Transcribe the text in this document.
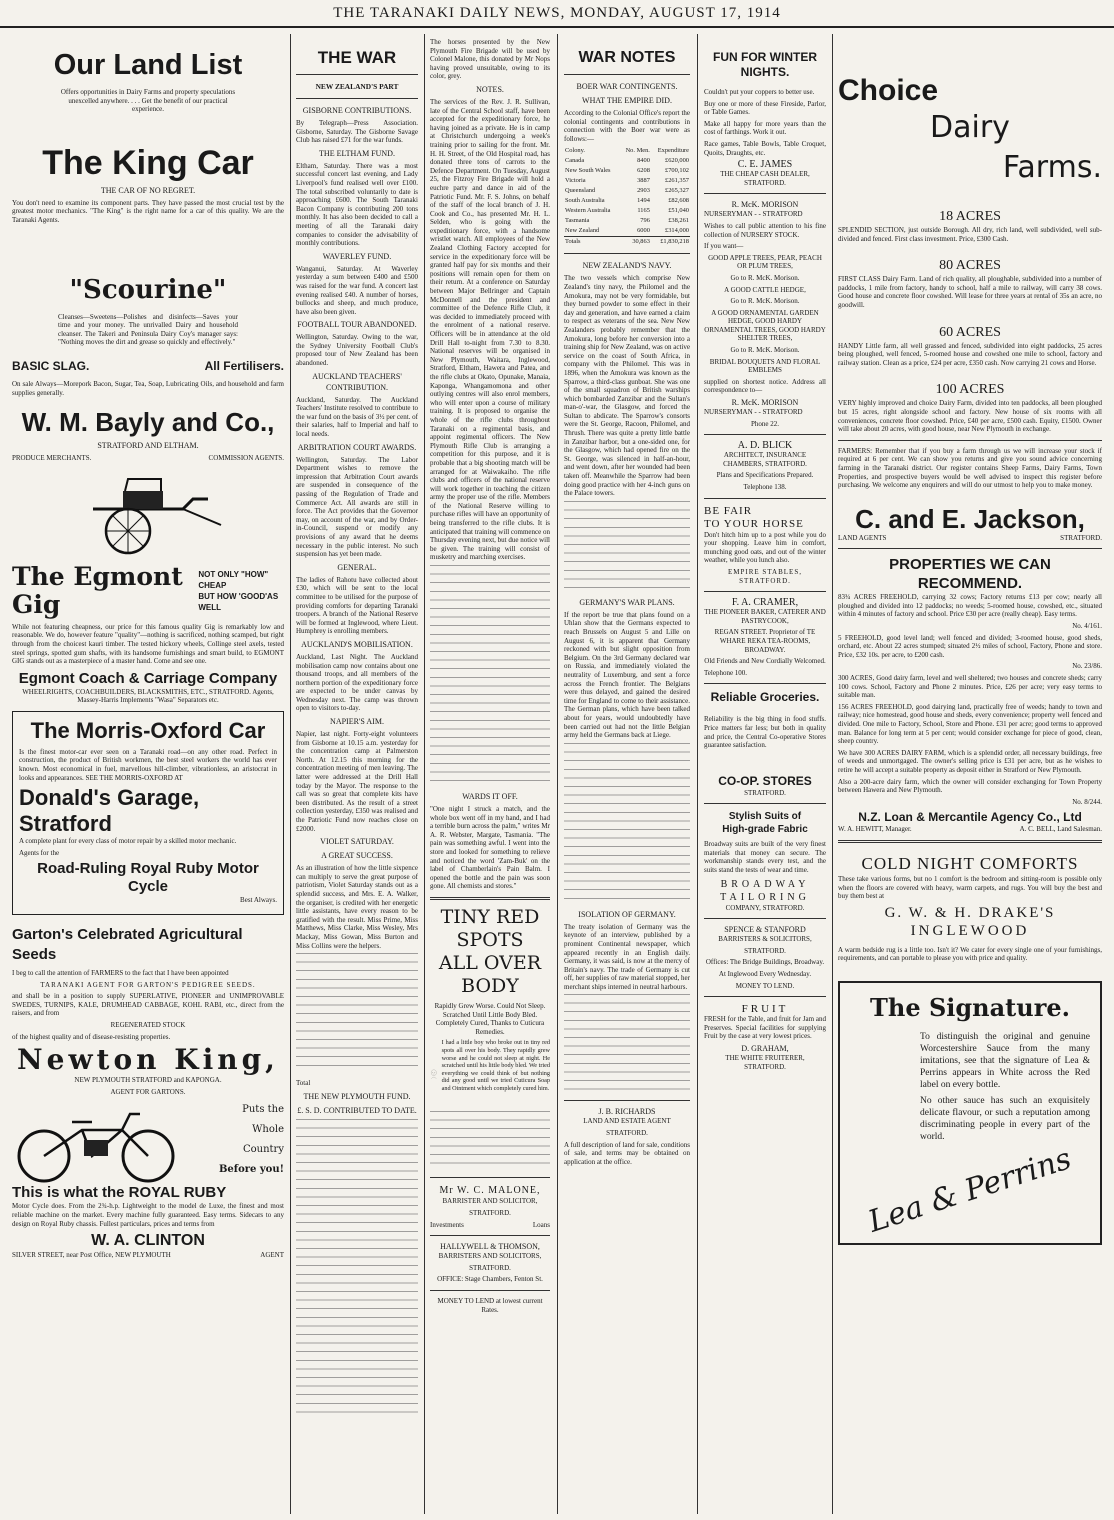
THE TARANAKI DAILY NEWS, MONDAY, AUGUST 17, 1914
Our Land List

Offers opportunities in Dairy Farms and property speculations unexcelled anywhere. . . . Get the benefit of our practical experience.

The King Car
THE CAR OF NO REGRET.

You don't need to examine its component parts. They have passed the most crucial test by the greatest motor mechanics. "The King" is the right name for a car of this quality. We are the Taranaki Agents.

"Scourine"

Cleanses—Sweetens—Polishes and disinfects—Saves your time and your money. The unrivalled Dairy and household cleanser. The Takeri and Peninsula Dairy Coy's manager says: "Nothing moves the dirt and grease so quickly and effectively."

BASIC SLAG.	All Fertilisers.

On sale Always—Morepork Bacon, Sugar, Tea, Soap, Lubricating Oils, and household and farm supplies generally.

W. M. Bayly and Co.,
STRATFORD AND ELTHAM.
PRODUCE MERCHANTS.	COMMISSION AGENTS.
The Egmont Gig
NOT ONLY "HOW" CHEAP
BUT HOW 'GOOD'AS WELL

While not featuring cheapness, our price for this famous quality Gig is remarkably low and reasonable. We do, however feature "quality"—nothing is sacrificed, nothing scamped, but right through from the choicest kauri timber. The tested hickory wheels, Collinge steel axels, tested steel springs, spotted gum shafts, with its handsome furnishings and smart build, to EGMONT GIG stands out as a masterpiece of a master hand. Come and see one.

Egmont Coach & Carriage Company

WHEELRIGHTS, COACHBUILDERS, BLACKSMITHS, ETC., STRATFORD. Agents, Massey-Harris Implements "Wasa" Separators etc.

The Morris-Oxford Car

Is the finest motor-car ever seen on a Taranaki road—on any other road. Perfect in construction, the product of British workmen, the best steel workers the world has ever known. Most economical in fuel, marvellous hill-climber, vibrationless, an aristocrat in looks and appearances. SEE THE MORRIS-OXFORD AT

Donald's Garage, Stratford

A complete plant for every class of motor repair by a skilled motor mechanic.

Agents for the

Road-Ruling Royal Ruby Motor Cycle

Best Always.

Garton's Celebrated Agricultural Seeds

I beg to call the attention of FARMERS to the fact that I have been appointed

TARANAKI AGENT FOR GARTON'S PEDIGREE SEEDS.

and shall be in a position to supply SUPERLATIVE, PIONEER and UNIMPROVABLE SWEDES, TURNIPS, KALE, DRUMHEAD CABBAGE, KOHL RABI, etc., direct from the raisers, and from

REGENERATED STOCK

of the highest quality and of disease-resisting properties.

Newton King,

NEW PLYMOUTH STRATFORD and KAPONGA.

AGENT FOR GARTONS.

Puts the
Whole
Country
Before you!
This is what the ROYAL RUBY

Motor Cycle does. From the 2¾-h.p. Lightweight to the model de Luxe, the finest and most reliable machine on the market. Every machine fully guaranteed. Easy terms. Sidecars to any design on Royal Ruby chassis. Fullest particulars, prices and terms from

W. A. CLINTON
SILVER STREET, near Post Office, NEW PLYMOUTH	AGENT
THE WAR
NEW ZEALAND'S PART
GISBORNE CONTRIBUTIONS.

By Telegraph—Press Association. Gisborne, Saturday. The Gisborne Savage Club has raised £71 for the war funds.

THE ELTHAM FUND.

Eltham, Saturday. There was a most successful concert last evening, and Lady Liverpool's fund realised well over £100. The total subscribed voluntarily to date is approaching £600. The South Taranaki Bacon Company is contributing 200 tons monthly. It has also been decided to call a meeting of all the Taranaki dairy companies to consider the advisability of monthly contributions.

WAVERLEY FUND.

Wanganui, Saturday. At Waverley yesterday a sum between £400 and £500 was raised for the war fund. A concert last evening realised £40. A number of horses, bullocks and sheep, and much produce, have also been given.

FOOTBALL TOUR ABANDONED.

Wellington, Saturday. Owing to the war, the Sydney University Football Club's proposed tour of New Zealand has been abandoned.

AUCKLAND TEACHERS' CONTRIBUTION.

Auckland, Saturday. The Auckland Teachers' Institute resolved to contribute to the war fund on the basis of 3½ per cent. of their salaries, half to Imperial and half to local needs.

ARBITRATION COURT AWARDS.

Wellington, Saturday. The Labor Department wishes to remove the impression that Arbitration Court awards are suspended in consequence of the passing of the Regulation of Trade and Commerce Act. All awards are still in force. The Act provides that the Governor may, on account of the war, and by Order-in-Council, suspend or modify any provisions of any award that he deems necessary in the public interest. No such suspension has yet been made.

GENERAL.

The ladies of Rahotu have collected about £30, which will be sent to the local committee to be utilised for the purpose of providing comforts for departing Taranaki troopers. A branch of the National Reserve will be formed at Inglewood, where Lieut. Humphrey is enrolling members.

AUCKLAND'S MOBILISATION.

Auckland, Last Night. The Auckland mobilisation camp now contains about one thousand troops, and all members of the northern portion of the expeditionary force are expected to be under canvas by Wednesday next. The camp was thrown open to visitors to-day.

NAPIER'S AIM.

Napier, last night. Forty-eight volunteers from Gisborne at 10.15 a.m. yesterday for the concentration camp at Palmerston North. At 12.15 this morning for the concentration meeting of men leaving. The latter were addressed at the Drill Hall today by the Mayor. The response to the call was so great that complete kits have been distributed. As the result of a street collection yesterday, £350 was realised and the Patriotic Fund now reaches close on £2000.

VIOLET SATURDAY.
A GREAT SUCCESS.

As an illustration of how the little sixpence can multiply to serve the great purpose of patriotism, Violet Saturday stands out as a splendid success, and Mrs. E. A. Walker, the organiser, is credited with her energetic little assistants, have every reason to be gratified with the result. Miss Prime, Miss Matthews, Miss Clarke, Miss Wesley, Mrs Mackay, Miss Gowan, Miss Burton and Miss Collins were the helpers.

Total

THE NEW PLYMOUTH FUND.
£. S. D. CONTRIBUTED TO DATE.

The horses presented by the New Plymouth Fire Brigade will be used by Colonel Malone, this donated by Mr Nops having proved unsuitable, owing to its color, grey.

NOTES.

The services of the Rev. J. R. Sullivan, late of the Central School staff, have been accepted for the expeditionary force, he having joined as a private. He is in camp at Christchurch undergoing a week's training prior to sailing for the front. Mr. H. H. Street, of the Old Hospital road, has donated three tons of carrots to the Defence Department. On Tuesday, August 25, the Fitzroy Fire Brigade will hold a euchre party and dance in aid of the Patriotic Fund. Mr. F. S. Johns, on behalf of the staff of the local branch of J. H. Cook and Co., has presented Mr. H. L. Selden, who is going with the expeditionary force, with a handsome wristlet watch. All employees of the New Zealand Clothing Factory accepted for service in the expeditionary force will be granted half pay for six months and their positions will remain open for them on their return. At a conference on Saturday between Major Bellringer and Captain McDonnell and the president and committee of the Defence Rifle Club, it was decided to immediately proceed with the enrolment of a national reserve. Officers will be in attendance at the old Drill Hall to-night from 7.30 to 8.30. National reserves will be organised in New Plymouth, Waitara, Inglewood, Stratford, Eltham, Hawera and Patea, and the rifle clubs at Okato, Opunake, Manaia, Kaponga, Whangamomona and other outlying centres will also enrol members, who will enter upon a course of military training. It is proposed to organise the whole of the rifle clubs throughout Taranaki on a regimental basis, and appoint regimental officers. The New Plymouth Rifle Club is arranging a competition for this purpose, and it is probable that a big shooting match will be arranged for at Waiwakaiho. The rifle clubs and officers of the national reserve will work together in teaching the citizen army the proper use of the rifle. Members of the National Reserve willing to purchase rifles will have an opportunity of being transferred to the rifle clubs. It is anticipated that training will commence on Thursday evening next, but due notice will be given. The training will consist of musketry and marching exercises.

WARDS IT OFF.

"One night I struck a match, and the whole box went off in my hand, and I had a terrible burn across the palm," writes Mr A. R. Webster, Margate, Tasmania. "The pain was something awful. I went into the store and looked for something to relieve and noticed the word 'Zam-Buk' on the label of Chamberlain's Pain Balm. I opened the bottle and the pain was soon gone. All chemists and stores."

TINY RED SPOTS
ALL OVER BODY

Rapidly Grew Worse. Could Not Sleep. Scratched Until Little Body Bled. Completely Cured, Thanks to Cuticura Remedies.

I had a little boy who broke out in tiny red spots all over his body. They rapidly grew worse and he could not sleep at night. He scratched until his little body bled. We tried everything we could think of but nothing did any good until we tried Cuticura Soap and Ointment which completely cured him.

Mr W. C. MALONE,

BARRISTER AND SOLICITOR,

STRATFORD.

Investments	Loans
HALLYWELL & THOMSON,

BARRISTERS AND SOLICITORS,

STRATFORD.

OFFICE: Stage Chambers, Fenton St.

MONEY TO LEND at lowest current Rates.

WAR NOTES
BOER WAR CONTINGENTS.
WHAT THE EMPIRE DID.

According to the Colonial Office's report the colonial contingents and contributions in connection with the Boer war were as follows:—

Colony.	No. Men.	Expenditure
Canada	8400	£620,000
New South Wales	6208	£700,102
Victoria	3887	£261,357
Queensland	2903	£265,327
South Australia	1494	£82,608
Western Australia	1165	£51,040
Tasmania	796	£38,261
New Zealand	6000	£314,000
Totals	30,863	£1,830,218
NEW ZEALAND'S NAVY.

The two vessels which comprise New Zealand's tiny navy, the Philomel and the Amokura, may not be very formidable, but they burned powder to some effect in their day and generation, and have earned a claim to respect as veterans of the sea. New New Zealanders probably remember that the Amokura, long before her conversion into a training ship for New Zealand, was on active service on the coast of South Africa, in company with the Philomel. This was in 1896, when the Amokura was known as the Sparrow, a third-class gunboat. She was one of the small squadron of British warships which bombarded Zanzibar and the Sultan's man-o'-war, the Glasgow, and forced the Sultan to abdicate. The Sparrow's consorts were the St. George, Racoon, Philomel, and Thrush. There was quite a pretty little battle in Zanzibar harbor, but a one-sided one, for the Glasgow, which had opened fire on the St. George, was silenced in half-an-hour, and went down, after her wounded had been taken off. Meanwhile the Sparrow had been doing good practice with her 4-inch guns on the Palace towers.

GERMANY'S WAR PLANS.

If the report be true that plans found on a Uhlan show that the Germans expected to reach Brussels on August 5 and Lille on August 6, it is apparent that Germany reckoned with but slight opposition from Belgium. On the 3rd Germany declared war on Russia, and immediately violated the neutrality of Luxemburg, and sent a force across the French frontier. The Belgians were thus delayed, and gained the desired time for England to come to their assistance. The German plans, which have been talked about for years, would undoubtedly have been carried out had not the little Belgian army held the Germans back at Liege.

ISOLATION OF GERMANY.

The treaty isolation of Germany was the keynote of an interview, published by a prominent Continental newspaper, which appeared recently in an English daily. Germany, it was said, is now at the mercy of Britain's navy. The trade of Germany is cut off, her supplies of raw material stopped, her merchant ships interned in neutral harbours.

J. B. RICHARDS

LAND AND ESTATE AGENT

STRATFORD.

A full description of land for sale, conditions of sale, and terms may be obtained on application at the office.

FUN FOR WINTER NIGHTS.

Couldn't put your coppers to better use.

Buy one or more of these Fireside, Parlor, or Table Games.

Make all happy for more years than the cost of farthings. Work it out.

Race games, Table Bowls, Table Croquet, Quoits, Draughts, etc.

C. E. JAMES

THE CHEAP CASH DEALER, STRATFORD.

R. McK. MORISON

NURSERYMAN - - STRATFORD

Wishes to call public attention to his fine collection of NURSERY STOCK.

If you want—

GOOD APPLE TREES, PEAR, PEACH OR PLUM TREES,

Go to R. McK. Morison.

A GOOD CATTLE HEDGE,

Go to R. McK. Morison.

A GOOD ORNAMENTAL GARDEN HEDGE, GOOD HARDY ORNAMENTAL TREES, GOOD HARDY SHELTER TREES,

Go to R. McK. Morison.

BRIDAL BOUQUETS AND FLORAL EMBLEMS

supplied on shortest notice. Address all correspondence to—

R. McK. MORISON

NURSERYMAN - - STRATFORD

Phone 22.

A. D. BLICK

ARCHITECT, INSURANCE CHAMBERS, STRATFORD.

Plans and Specifications Prepared.

Telephone 138.

BE FAIR
TO YOUR HORSE

Don't hitch him up to a post while you do your shopping. Leave him in comfort, munching good oats, and out of the winter weather, while you lunch also.

EMPIRE STABLES, STRATFORD.

F. A. CRAMER,

THE PIONEER BAKER, CATERER AND PASTRYCOOK,

REGAN STREET. Proprietor of TE WHARE REKA TEA-ROOMS, BROADWAY.

Old Friends and New Cordially Welcomed.

Telephone 100.

Reliable Groceries.

Reliability is the big thing in food stuffs. Price matters far less; but both in quality and price, the Central Co-operative Stores guarantee satisfaction.

CO-OP. STORES

STRATFORD.

Stylish Suits of
High-grade Fabric

Broadway suits are built of the very finest materials that money can secure. The workmanship stands every test, and the suits stand the tests of wear and time.

BROADWAY
TAILORING

COMPANY, STRATFORD.

SPENCE & STANFORD

BARRISTERS & SOLICITORS,

STRATFORD.

Offices: The Bridge Buildings, Broadway.

At Inglewood Every Wednesday.

MONEY TO LEND.

FRUIT

FRESH for the Table, and fruit for Jam and Preserves. Special facilities for supplying Fruit by the case at very lowest prices.

D. GRAHAM,

THE WHITE FRUITERER, STRATFORD.

Choice
Dairy
Farms.
18 ACRES

SPLENDID SECTION, just outside Borough. All dry, rich land, well subdivided, well sub-divided and fenced. First class investment. Price, £300 Cash.

80 ACRES

FIRST CLASS Dairy Farm. Land of rich quality, all ploughable, subdivided into a number of paddocks, 1 mile from factory, handy to school, half a mile to railway, will carry 38 cows. Good house and concrete floor cowshed. Will lease for three years at rental of 35s an acre, no goodwill.

60 ACRES

HANDY Little farm, all well grassed and fenced, subdivided into eight paddocks, 25 acres being ploughed, well fenced, 5-roomed house and cowshed one mile to school, factory and railway station. Clean as a price, £24 per acre, £350 cash. Now carrying 21 cows and Horse.

100 ACRES

VERY highly improved and choice Dairy Farm, divided into ten paddocks, all been ploughed but 15 acres, right alongside school and factory. New house of six rooms with all conveniences, concrete floor cowshed. Price, £40 per acre, £500 cash. Equity, £1500. Owner will take about 20 acres, with good house, near New Plymouth in exchange.

FARMERS: Remember that if you buy a farm through us we will increase your stock if required at 6 per cent. We can show you returns and give you sound advice concerning farming in the Taranaki district. Our register contains Sheep Farms, Dairy Farms, Town Properties, and prospective buyers would be well advised to inspect this register before purchasing. We welcome any enquirers and will do our utmost to help you to make money.

C. and E. Jackson,
LAND AGENTS	STRATFORD.
PROPERTIES WE CAN RECOMMEND.

83¾ ACRES FREEHOLD, carrying 32 cows; Factory returns £13 per cow; nearly all ploughed and divided into 12 paddocks; no weeds; 5-roomed house, cowshed, etc., situated within 4 minutes of factory and school. Price £30 per acre (really cheap). Easy terms.

No. 4/161.

5 FREEHOLD, good level land; well fenced and divided; 3-roomed house, good sheds, orchard, etc. About 22 acres stumped; situated 2½ miles of school, Factory, Phone and store. Price, £32 10s. per acre, to £200 cash.

No. 23/86.

300 ACRES, Good dairy farm, level and well sheltered; two houses and concrete sheds; carry 100 cows. School, Factory and Phone 2 minutes. Price, £26 per acre; very easy terms to suitable man.

156 ACRES FREEHOLD, good dairying land, practically free of weeds; handy to town and railway; nice homestead, good house and sheds, every convenience; property well fenced and divided. One mile to Factory, School, Store and Phone. £31 per acre; good terms to approved man. Balance for long term at 5 per cent; would consider exchange for piece of good, clean, sheep country.

We have 300 ACRES DAIRY FARM, which is a splendid order, all necessary buildings, free of weeds and unmortgaged. The owner's selling price is £31 per acre, but as he wishes to retire he will accept a suitable property as deposit either in Stratford or New Plymouth.

Also a 200-acre dairy farm, which the owner will consider exchanging for Town Property between Hawera and New Plymouth.

No. 8/244.

N.Z. Loan & Mercantile Agency Co., Ltd
W. A. HEWITT, Manager.	A. C. BELL, Land Salesman.
COLD NIGHT COMFORTS

These take various forms, but no 1 comfort is the bedroom and sitting-room is possible only when the floors are covered with heavy, warm carpets, and rugs. You will buy the best and buy them best at

G. W. & H. DRAKE'S
INGLEWOOD

A warm bedside rug is a little too. Isn't it? We cater for every single one of your furnishings, requirements, and can portable to please you with price and quality.

The Signature.

To distinguish the original and genuine Worcestershire Sauce from the many imitations, see that the signature of Lea & Perrins appears in White across the Red label on every bottle.

No other sauce has such an exquisitely delicate flavour, or such a reputation among discriminating people in every part of the world.

Lea & Perrins
